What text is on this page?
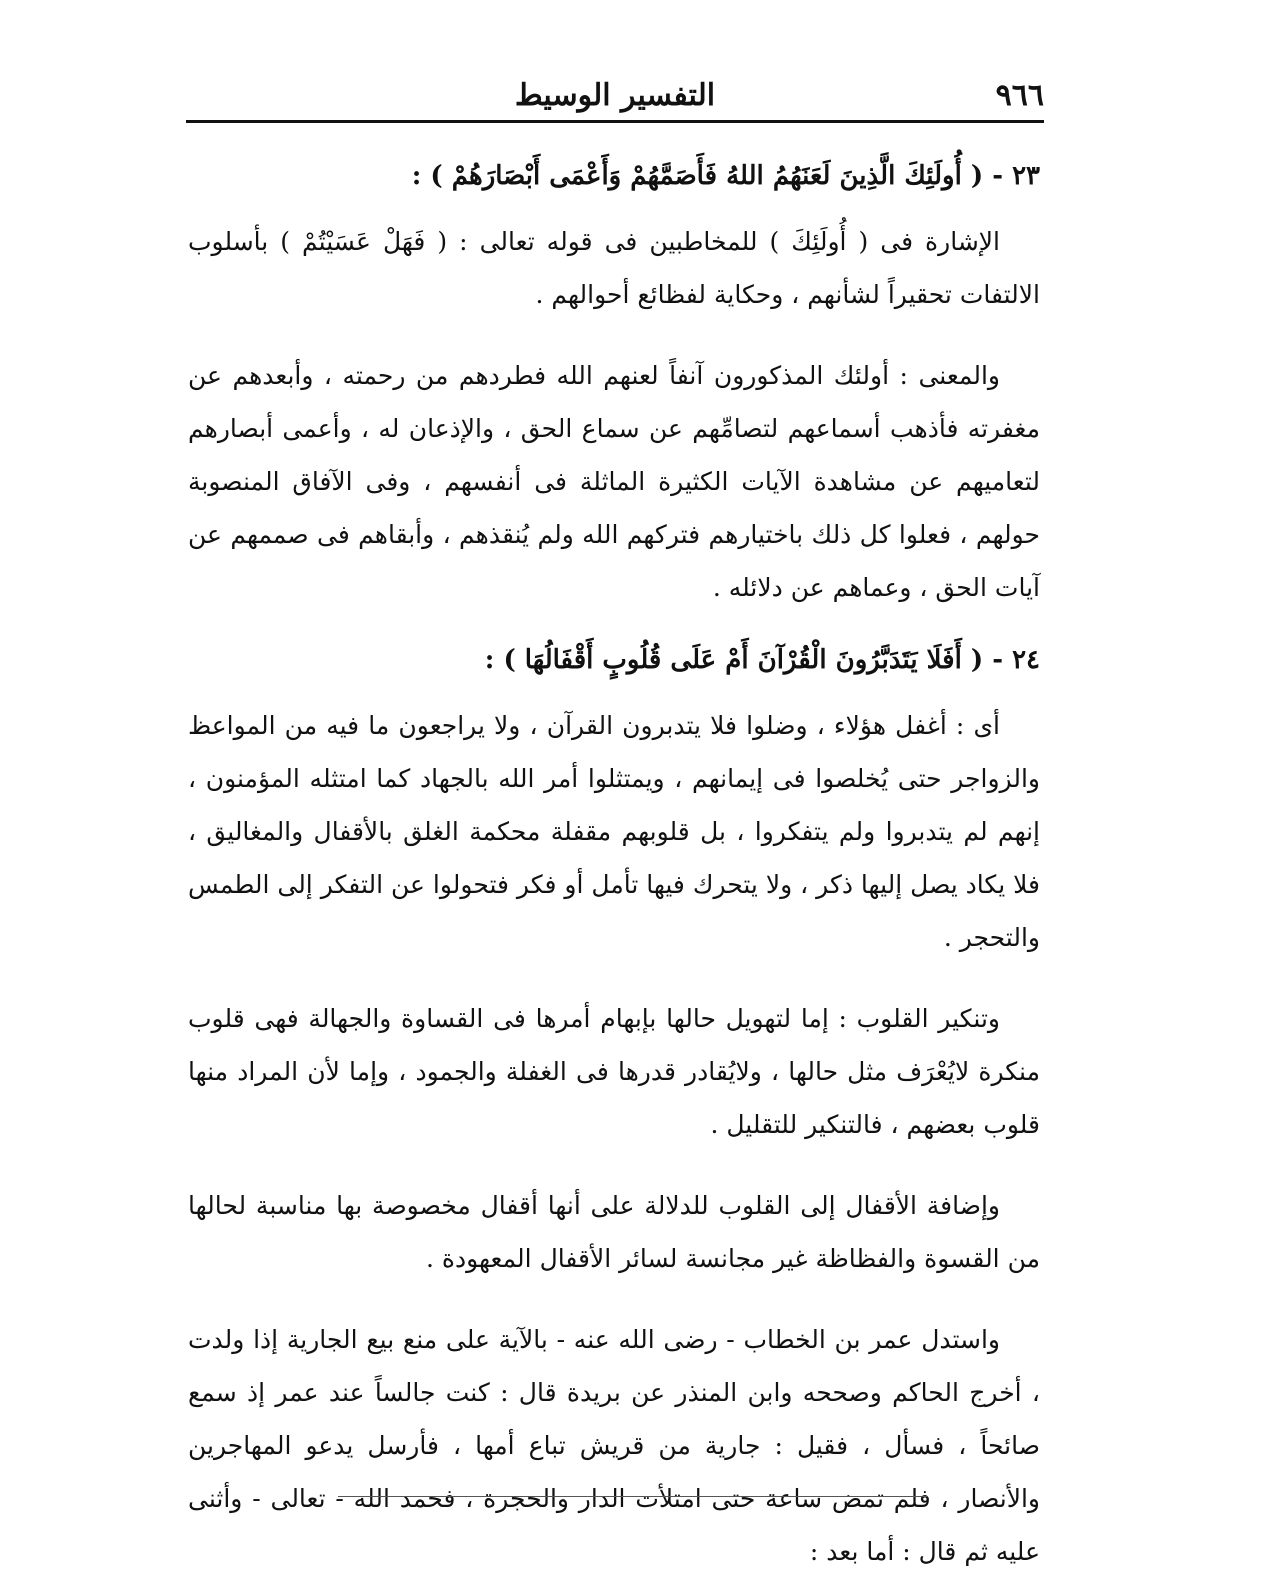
٩٦٦
التفسير الوسيط

٢٣ - ( أُولَئِكَ الَّذِينَ لَعَنَهُمُ اللهُ فَأَصَمَّهُمْ وَأَعْمَى أَبْصَارَهُمْ ) :

الإشارة فى ( أُولَئِكَ ) للمخاطبين فى قوله تعالى : ( فَهَلْ عَسَيْتُمْ ) بأسلوب الالتفات تحقيراً لشأنهم ، وحكاية لفظائع أحوالهم .

والمعنى : أولئك المذكورون آنفاً لعنهم الله فطردهم من رحمته ، وأبعدهم عن مغفرته فأذهب أسماعهم لتصامِّهم عن سماع الحق ، والإذعان له ، وأعمى أبصارهم لتعاميهم عن مشاهدة الآيات الكثيرة الماثلة فى أنفسهم ، وفى الآفاق المنصوبة حولهم ، فعلوا كل ذلك باختيارهم فتركهم الله ولم يُنقذهم ، وأبقاهم فى صممهم عن آيات الحق ، وعماهم عن دلائله .

٢٤ - ( أَفَلَا يَتَدَبَّرُونَ الْقُرْآنَ أَمْ عَلَى قُلُوبٍ أَقْفَالُهَا ) :

أى : أغفل هؤلاء ، وضلوا فلا يتدبرون القرآن ، ولا يراجعون ما فيه من المواعظ والزواجر حتى يُخلصوا فى إيمانهم ، ويمتثلوا أمر الله بالجهاد كما امتثله المؤمنون ، إنهم لم يتدبروا ولم يتفكروا ، بل قلوبهم مقفلة محكمة الغلق بالأقفال والمغاليق ، فلا يكاد يصل إليها ذكر ، ولا يتحرك فيها تأمل أو فكر فتحولوا عن التفكر إلى الطمس والتحجر .

وتنكير القلوب : إما لتهويل حالها بإبهام أمرها فى القساوة والجهالة فهى قلوب منكرة لايُعْرَف مثل حالها ، ولايُقادر قدرها فى الغفلة والجمود ، وإما لأن المراد منها قلوب بعضهم ، فالتنكير للتقليل .

وإضافة الأقفال إلى القلوب للدلالة على أنها أقفال مخصوصة بها مناسبة لحالها من القسوة والفظاظة غير مجانسة لسائر الأقفال المعهودة .

واستدل عمر بن الخطاب - رضى الله عنه - بالآية على منع بيع الجارية إذا ولدت ، أخرج الحاكم وصححه وابن المنذر عن بريدة قال : كنت جالساً عند عمر إذ سمع صائحاً ، فسأل ، فقيل : جارية من قريش تباع أمها ، فأرسل يدعو المهاجرين والأنصار ، فلم تمض ساعة حتى امتلأت الدار والحجرة ، فحمد الله - تعالى - وأثنى عليه ثم قال : أما بعد :
